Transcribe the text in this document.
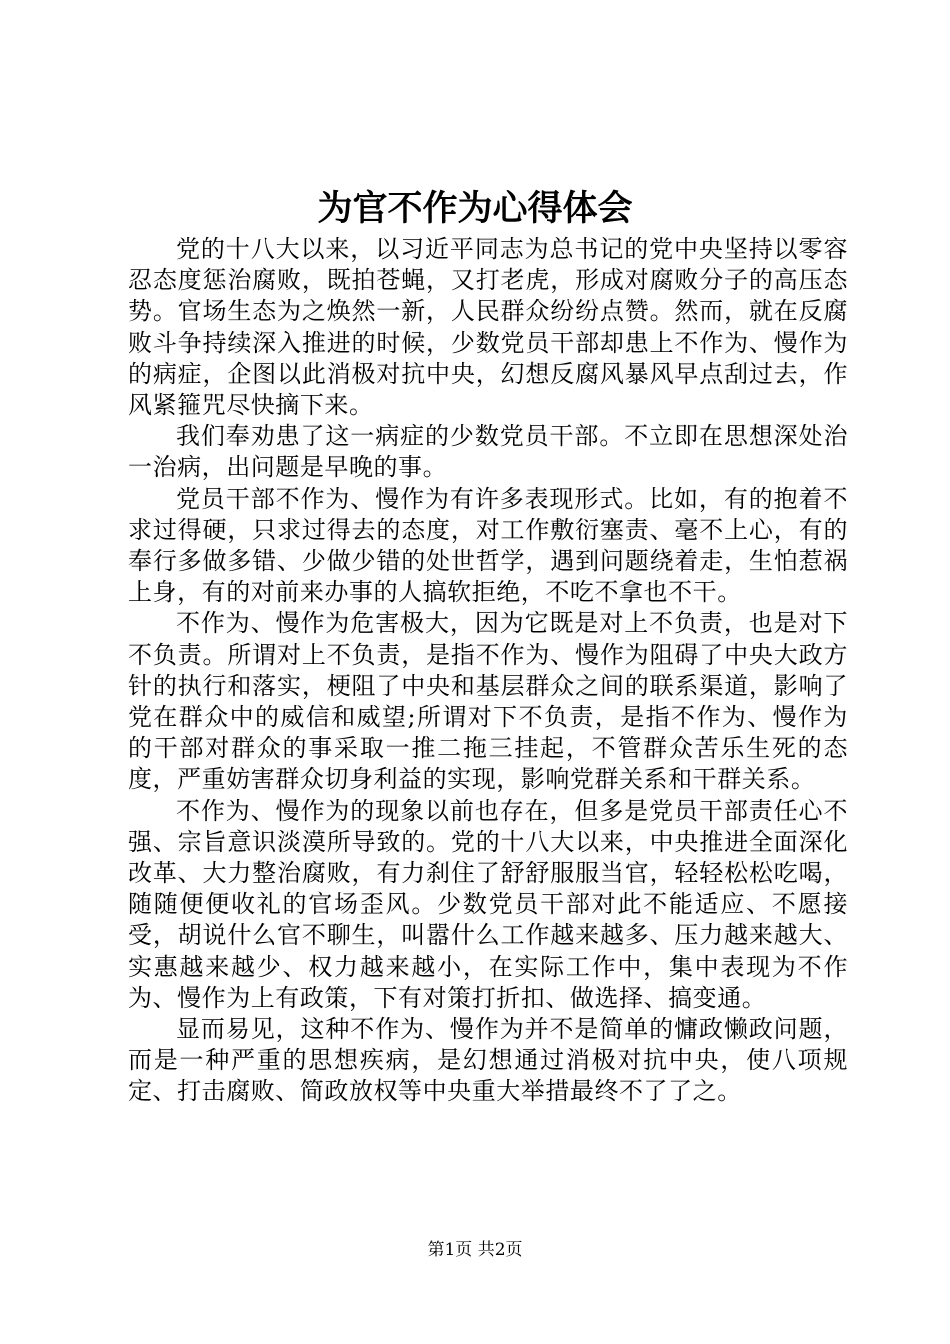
为官不作为心得体会

党的十八大以来，以习近平同志为总书记的党中央坚持以零容忍态度惩治腐败，既拍苍蝇，又打老虎，形成对腐败分子的高压态势。官场生态为之焕然一新，人民群众纷纷点赞。然而，就在反腐败斗争持续深入推进的时候，少数党员干部却患上不作为、慢作为的病症，企图以此消极对抗中央，幻想反腐风暴风早点刮过去，作风紧箍咒尽快摘下来。

我们奉劝患了这一病症的少数党员干部。不立即在思想深处治一治病，出问题是早晚的事。

党员干部不作为、慢作为有许多表现形式。比如，有的抱着不求过得硬，只求过得去的态度，对工作敷衍塞责、毫不上心，有的奉行多做多错、少做少错的处世哲学，遇到问题绕着走，生怕惹祸上身，有的对前来办事的人搞软拒绝，不吃不拿也不干。

不作为、慢作为危害极大，因为它既是对上不负责，也是对下不负责。所谓对上不负责，是指不作为、慢作为阻碍了中央大政方针的执行和落实，梗阻了中央和基层群众之间的联系渠道，影响了党在群众中的威信和威望;所谓对下不负责，是指不作为、慢作为的干部对群众的事采取一推二拖三挂起，不管群众苦乐生死的态度，严重妨害群众切身利益的实现，影响党群关系和干群关系。

不作为、慢作为的现象以前也存在，但多是党员干部责任心不强、宗旨意识淡漠所导致的。党的十八大以来，中央推进全面深化改革、大力整治腐败，有力刹住了舒舒服服当官，轻轻松松吃喝，随随便便收礼的官场歪风。少数党员干部对此不能适应、不愿接受，胡说什么官不聊生，叫嚣什么工作越来越多、压力越来越大、实惠越来越少、权力越来越小，在实际工作中，集中表现为不作为、慢作为上有政策，下有对策打折扣、做选择、搞变通。

显而易见，这种不作为、慢作为并不是简单的慵政懒政问题，而是一种严重的思想疾病，是幻想通过消极对抗中央，使八项规定、打击腐败、简政放权等中央重大举措最终不了了之。

第1页 共2页
